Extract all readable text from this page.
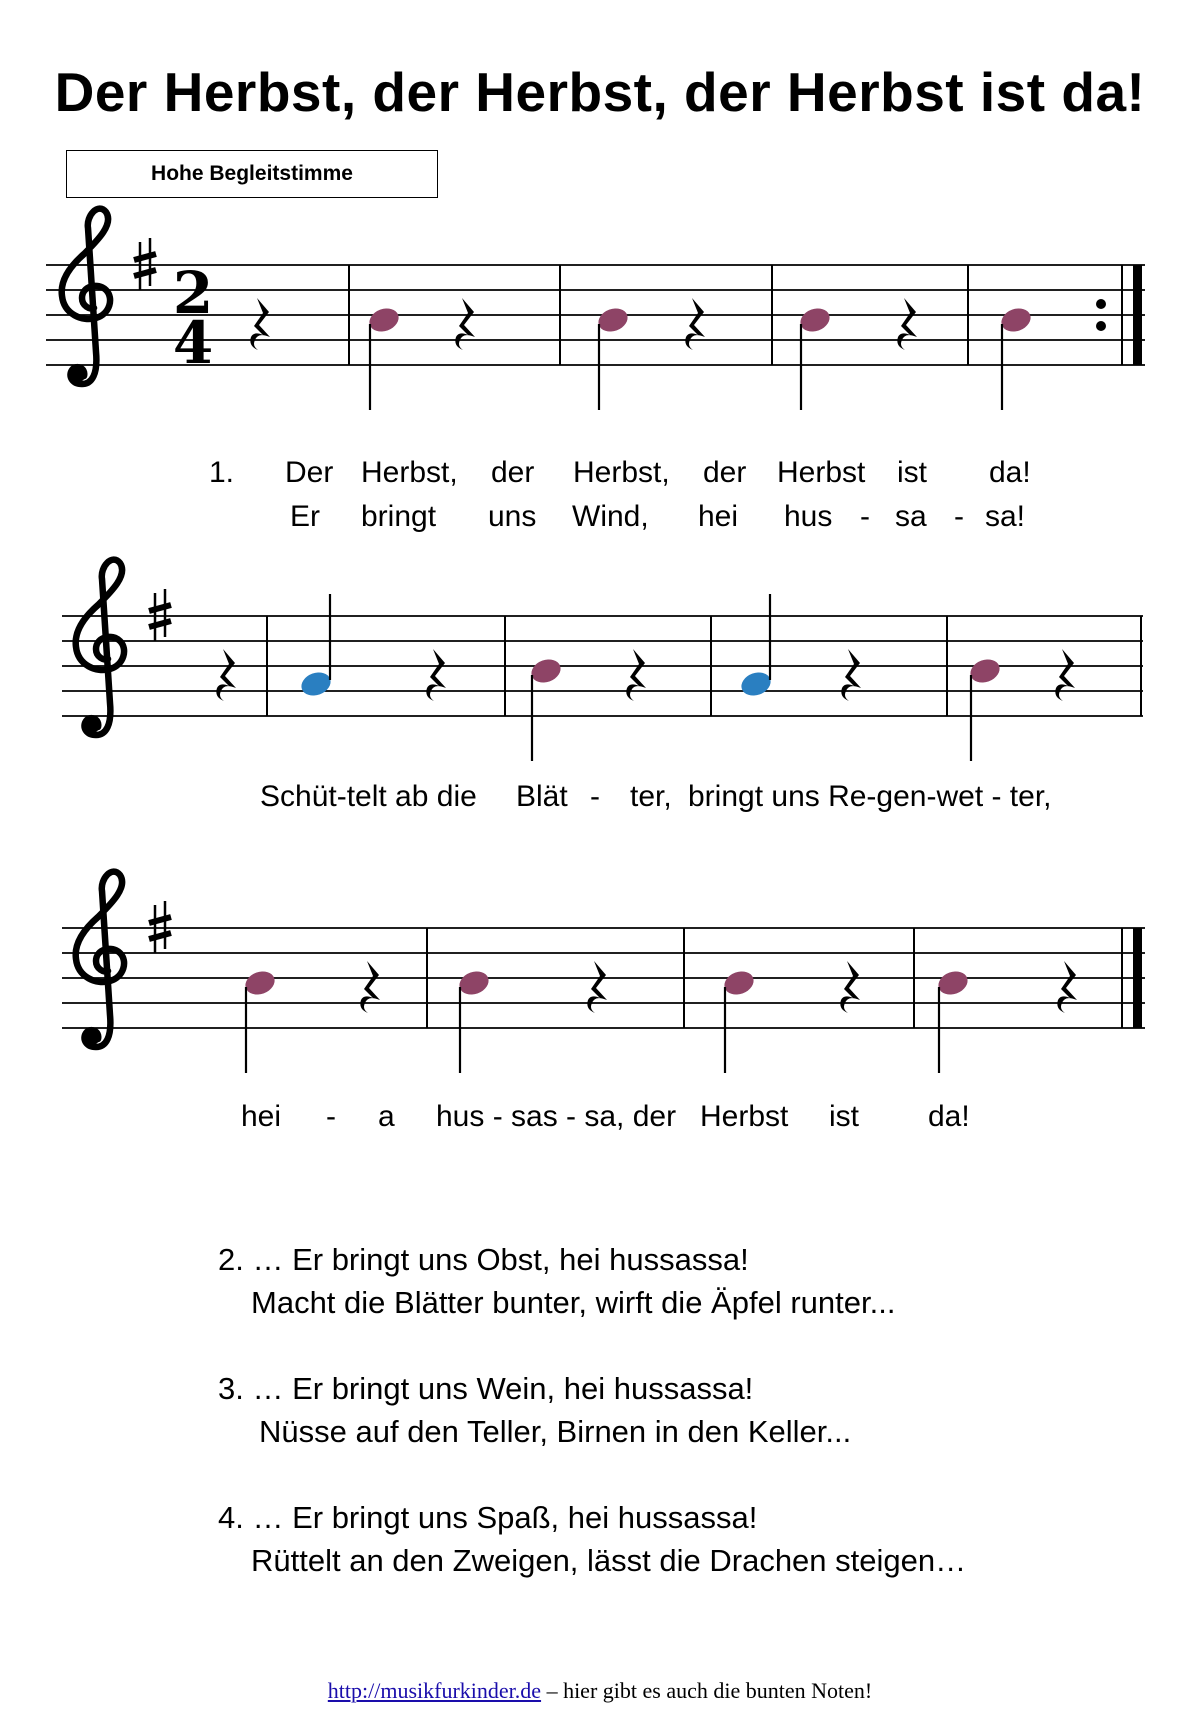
Der Herbst, der Herbst, der Herbst ist da!
Hohe Begleitstimme
2
4
1. Der Herbst, der Herbst, der Herbst ist da!
Er bringt uns Wind, hei hus - sa - sa!
Schüt-telt ab die Blät - ter, bringt uns Re-gen-wet - ter,
hei - a hus - sas - sa, der Herbst ist da!
2. … Er bringt uns Obst, hei hussassa!
Macht die Blätter bunter, wirft die Äpfel runter...
3. … Er bringt uns Wein, hei hussassa!
Nüsse auf den Teller, Birnen in den Keller...
4. … Er bringt uns Spaß, hei hussassa!
Rüttelt an den Zweigen, lässt die Drachen steigen…
http://musikfurkinder.de – hier gibt es auch die bunten Noten!
